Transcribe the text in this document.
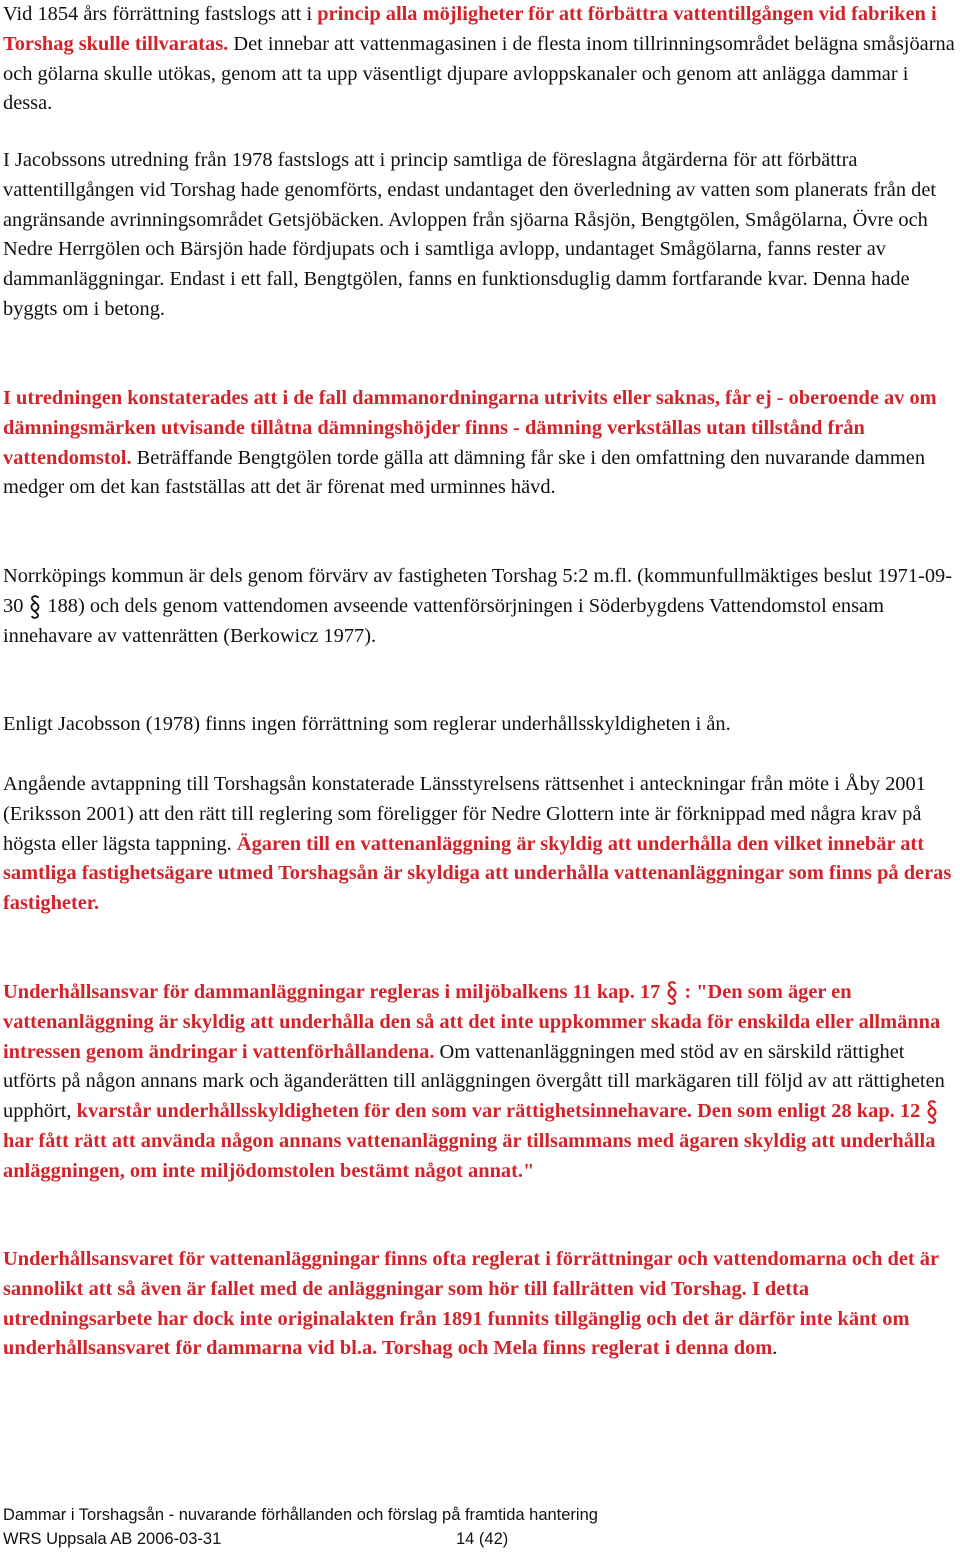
Vid 1854 års förrättning fastslogs att i princip alla möjligheter för att förbättra vattentillgången vid fabriken i Torshag skulle tillvaratas. Det innebar att vattenmagasinen i de flesta inom tillrinningsområdet belägna småsjöarna och gölarna skulle utökas, genom att ta upp väsentligt djupare avloppskanaler och genom att anlägga dammar i dessa.

I Jacobssons utredning från 1978 fastslogs att i princip samtliga de föreslagna åtgärderna för att förbättra vattentillgången vid Torshag hade genomförts, endast undantaget den överledning av vatten som planerats från det angränsande avrinningsområdet Getsjöbäcken. Avloppen från sjöarna Råsjön, Bengtgölen, Smågölarna, Övre och Nedre Herrgölen och Bärsjön hade fördjupats och i samtliga avlopp, undantaget Smågölarna, fanns rester av dammanläggningar. Endast i ett fall, Bengtgölen, fanns en funktionsduglig damm fortfarande kvar. Denna hade byggts om i betong.

I utredningen konstaterades att i de fall dammanordningarna utrivits eller saknas, får ej - oberoende av om dämningsmärken utvisande tillåtna dämningshöjder finns - dämning verkställas utan tillstånd från vattendomstol. Beträffande Bengtgölen torde gälla att dämning får ske i den omfattning den nuvarande dammen medger om det kan fastställas att det är förenat med urminnes hävd.

Norrköpings kommun är dels genom förvärv av fastigheten Torshag 5:2 m.fl. (kommunfullmäktiges beslut 1971-09-30 188) och dels genom vattendomen avseende vattenförsörjningen i Söderbygdens Vattendomstol ensam innehavare av vattenrätten (Berkowicz 1977).

Enligt Jacobsson (1978) finns ingen förrättning som reglerar underhållsskyldigheten i ån.

Angående avtappning till Torshagsån konstaterade Länsstyrelsens rättsenhet i anteckningar från möte i Åby 2001 (Eriksson 2001) att den rätt till reglering som föreligger för Nedre Glottern inte är förknippad med några krav på högsta eller lägsta tappning. Ägaren till en vattenanläggning är skyldig att underhålla den vilket innebär att samtliga fastighetsägare utmed Torshagsån är skyldiga att underhålla vattenanläggningar som finns på deras fastigheter.

Underhållsansvar för dammanläggningar regleras i miljöbalkens 11 kap. 17 : "Den som äger en vattenanläggning är skyldig att underhålla den så att det inte uppkommer skada för enskilda eller allmänna intressen genom ändringar i vattenförhållandena. Om vattenanläggningen med stöd av en särskild rättighet utförts på någon annans mark och äganderätten till anläggningen övergått till markägaren till följd av att rättigheten upphört, kvarstår underhållsskyldigheten för den som var rättighetsinnehavare. Den som enligt 28 kap. 12
har fått rätt att använda någon annans vattenanläggning är tillsammans med ägaren skyldig att underhålla anläggningen, om inte miljödomstolen bestämt något annat."

Underhållsansvaret för vattenanläggningar finns ofta reglerat i förrättningar och vattendomarna och det är sannolikt att så även är fallet med de anläggningar som hör till fallrätten vid Torshag. I detta utredningsarbete har dock inte originalakten från 1891 funnits tillgänglig och det är därför inte känt om underhållsansvaret för dammarna vid bl.a. Torshag och Mela finns reglerat i denna dom.

Dammar i Torshagsån - nuvarande förhållanden och förslag på framtida hantering
WRS Uppsala AB 2006-03-31	14 (42)
